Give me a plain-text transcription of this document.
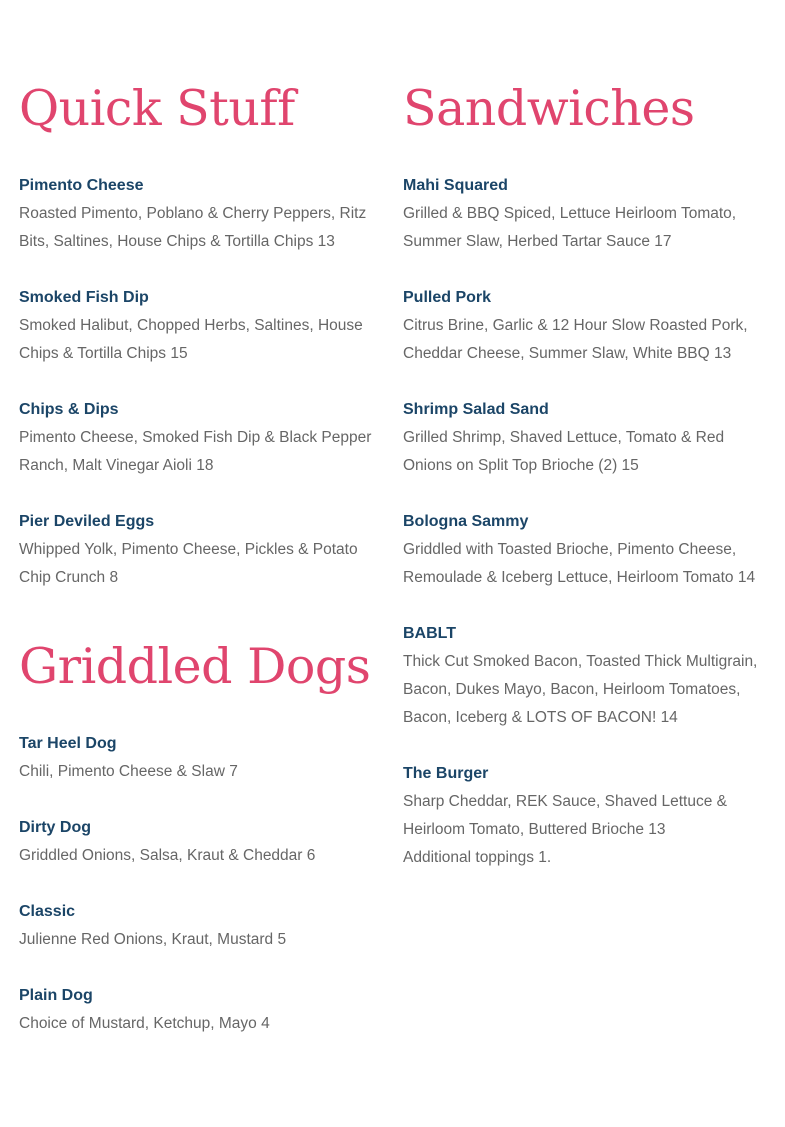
Quick Stuff
Pimento Cheese
Roasted Pimento, Poblano & Cherry Peppers, Ritz Bits, Saltines, House Chips & Tortilla Chips 13
Smoked Fish Dip
Smoked Halibut, Chopped Herbs, Saltines, House Chips & Tortilla Chips 15
Chips & Dips
Pimento Cheese, Smoked Fish Dip & Black Pepper Ranch, Malt Vinegar Aioli 18
Pier Deviled Eggs
Whipped Yolk, Pimento Cheese, Pickles & Potato Chip Crunch 8
Griddled Dogs
Tar Heel Dog
Chili, Pimento Cheese & Slaw 7
Dirty Dog
Griddled Onions, Salsa, Kraut & Cheddar 6
Classic
Julienne Red Onions, Kraut, Mustard 5
Plain Dog
Choice of Mustard, Ketchup, Mayo 4
Sandwiches
Mahi Squared
Grilled & BBQ Spiced, Lettuce Heirloom Tomato, Summer Slaw, Herbed Tartar Sauce 17
Pulled Pork
Citrus Brine, Garlic & 12 Hour Slow Roasted Pork, Cheddar Cheese, Summer Slaw, White BBQ 13
Shrimp Salad Sand
Grilled Shrimp, Shaved Lettuce, Tomato & Red Onions on Split Top Brioche (2) 15
Bologna Sammy
Griddled with Toasted Brioche, Pimento Cheese, Remoulade & Iceberg Lettuce, Heirloom Tomato 14
BABLT
Thick Cut Smoked Bacon, Toasted Thick Multigrain, Bacon, Dukes Mayo, Bacon, Heirloom Tomatoes, Bacon, Iceberg & LOTS OF BACON! 14
The Burger
Sharp Cheddar, REK Sauce, Shaved Lettuce & Heirloom Tomato, Buttered Brioche 13
Additional toppings 1.
